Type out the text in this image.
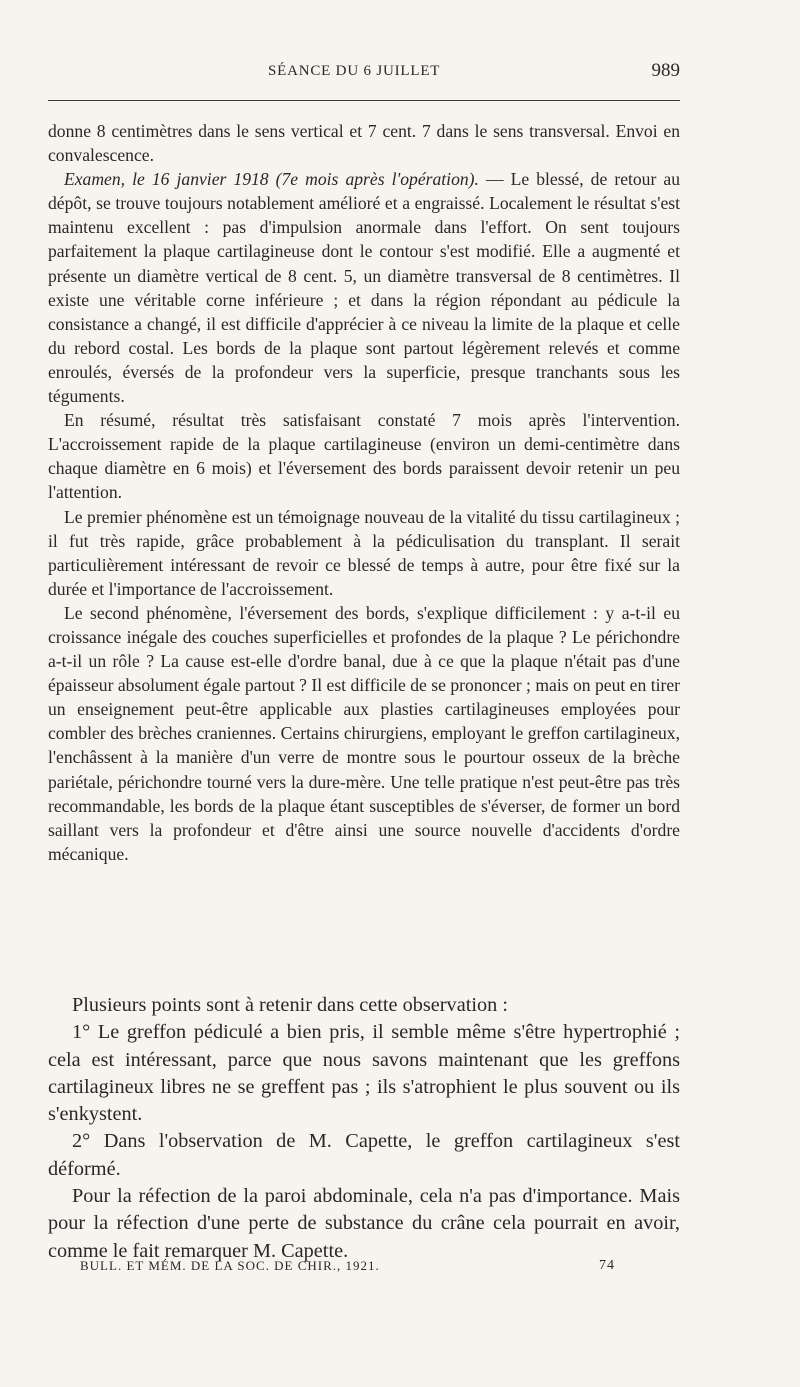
SÉANCE DU 6 JUILLET	989

donne 8 centimètres dans le sens vertical et 7 cent. 7 dans le sens transversal. Envoi en convalescence.

Examen, le 16 janvier 1918 (7e mois après l'opération). — Le blessé, de retour au dépôt, se trouve toujours notablement amélioré et a engraissé. Localement le résultat s'est maintenu excellent : pas d'impulsion anormale dans l'effort. On sent toujours parfaitement la plaque cartilagineuse dont le contour s'est modifié. Elle a augmenté et présente un diamètre vertical de 8 cent. 5, un diamètre transversal de 8 centimètres. Il existe une véritable corne inférieure ; et dans la région répondant au pédicule la consistance a changé, il est difficile d'apprécier à ce niveau la limite de la plaque et celle du rebord costal. Les bords de la plaque sont partout légèrement relevés et comme enroulés, éversés de la profondeur vers la superficie, presque tranchants sous les téguments.

En résumé, résultat très satisfaisant constaté 7 mois après l'intervention. L'accroissement rapide de la plaque cartilagineuse (environ un demi-centimètre dans chaque diamètre en 6 mois) et l'éversement des bords paraissent devoir retenir un peu l'attention.

Le premier phénomène est un témoignage nouveau de la vitalité du tissu cartilagineux ; il fut très rapide, grâce probablement à la pédiculisation du transplant. Il serait particulièrement intéressant de revoir ce blessé de temps à autre, pour être fixé sur la durée et l'importance de l'accroissement.

Le second phénomène, l'éversement des bords, s'explique difficilement : y a-t-il eu croissance inégale des couches superficielles et profondes de la plaque ? Le périchondre a-t-il un rôle ? La cause est-elle d'ordre banal, due à ce que la plaque n'était pas d'une épaisseur absolument égale partout ? Il est difficile de se prononcer ; mais on peut en tirer un enseignement peut-être applicable aux plasties cartilagineuses employées pour combler des brèches craniennes. Certains chirurgiens, employant le greffon cartilagineux, l'enchâssent à la manière d'un verre de montre sous le pourtour osseux de la brèche pariétale, périchondre tourné vers la dure-mère. Une telle pratique n'est peut-être pas très recommandable, les bords de la plaque étant susceptibles de s'éverser, de former un bord saillant vers la profondeur et d'être ainsi une source nouvelle d'accidents d'ordre mécanique.

Plusieurs points sont à retenir dans cette observation :

1° Le greffon pédiculé a bien pris, il semble même s'être hypertrophié ; cela est intéressant, parce que nous savons maintenant que les greffons cartilagineux libres ne se greffent pas ; ils s'atrophient le plus souvent ou ils s'enkystent.

2° Dans l'observation de M. Capette, le greffon cartilagineux s'est déformé.

Pour la réfection de la paroi abdominale, cela n'a pas d'importance. Mais pour la réfection d'une perte de substance du crâne cela pourrait en avoir, comme le fait remarquer M. Capette.

BULL. ET MÉM. DE LA SOC. DE CHIR., 1921.	74
